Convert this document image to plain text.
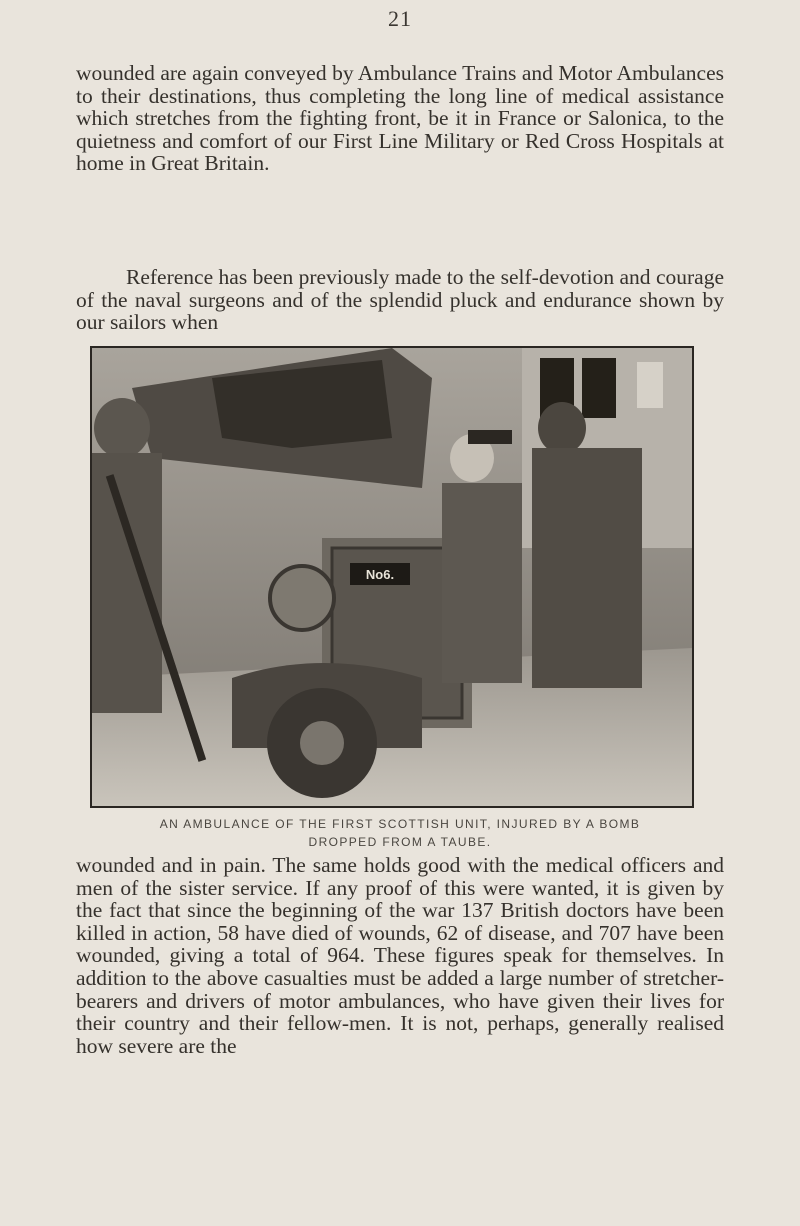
21

wounded are again conveyed by Ambulance Trains and Motor Ambulances to their destinations, thus completing the long line of medical assistance which stretches from the fighting front, be it in France or Salonica, to the quietness and comfort of our First Line Military or Red Cross Hospitals at home in Great Britain.

Reference has been previously made to the self-devotion and courage of the naval surgeons and of the splendid pluck and endurance shown by our sailors when

No6.
AN AMBULANCE OF THE FIRST SCOTTISH UNIT, INJURED BY A BOMB
DROPPED FROM A TAUBE.

wounded and in pain. The same holds good with the medical officers and men of the sister service. If any proof of this were wanted, it is given by the fact that since the beginning of the war 137 British doctors have been killed in action, 58 have died of wounds, 62 of disease, and 707 have been wounded, giving a total of 964. These figures speak for themselves. In addition to the above casualties must be added a large number of stretcher-bearers and drivers of motor ambulances, who have given their lives for their country and their fellow-men. It is not, perhaps, generally realised how severe are the
